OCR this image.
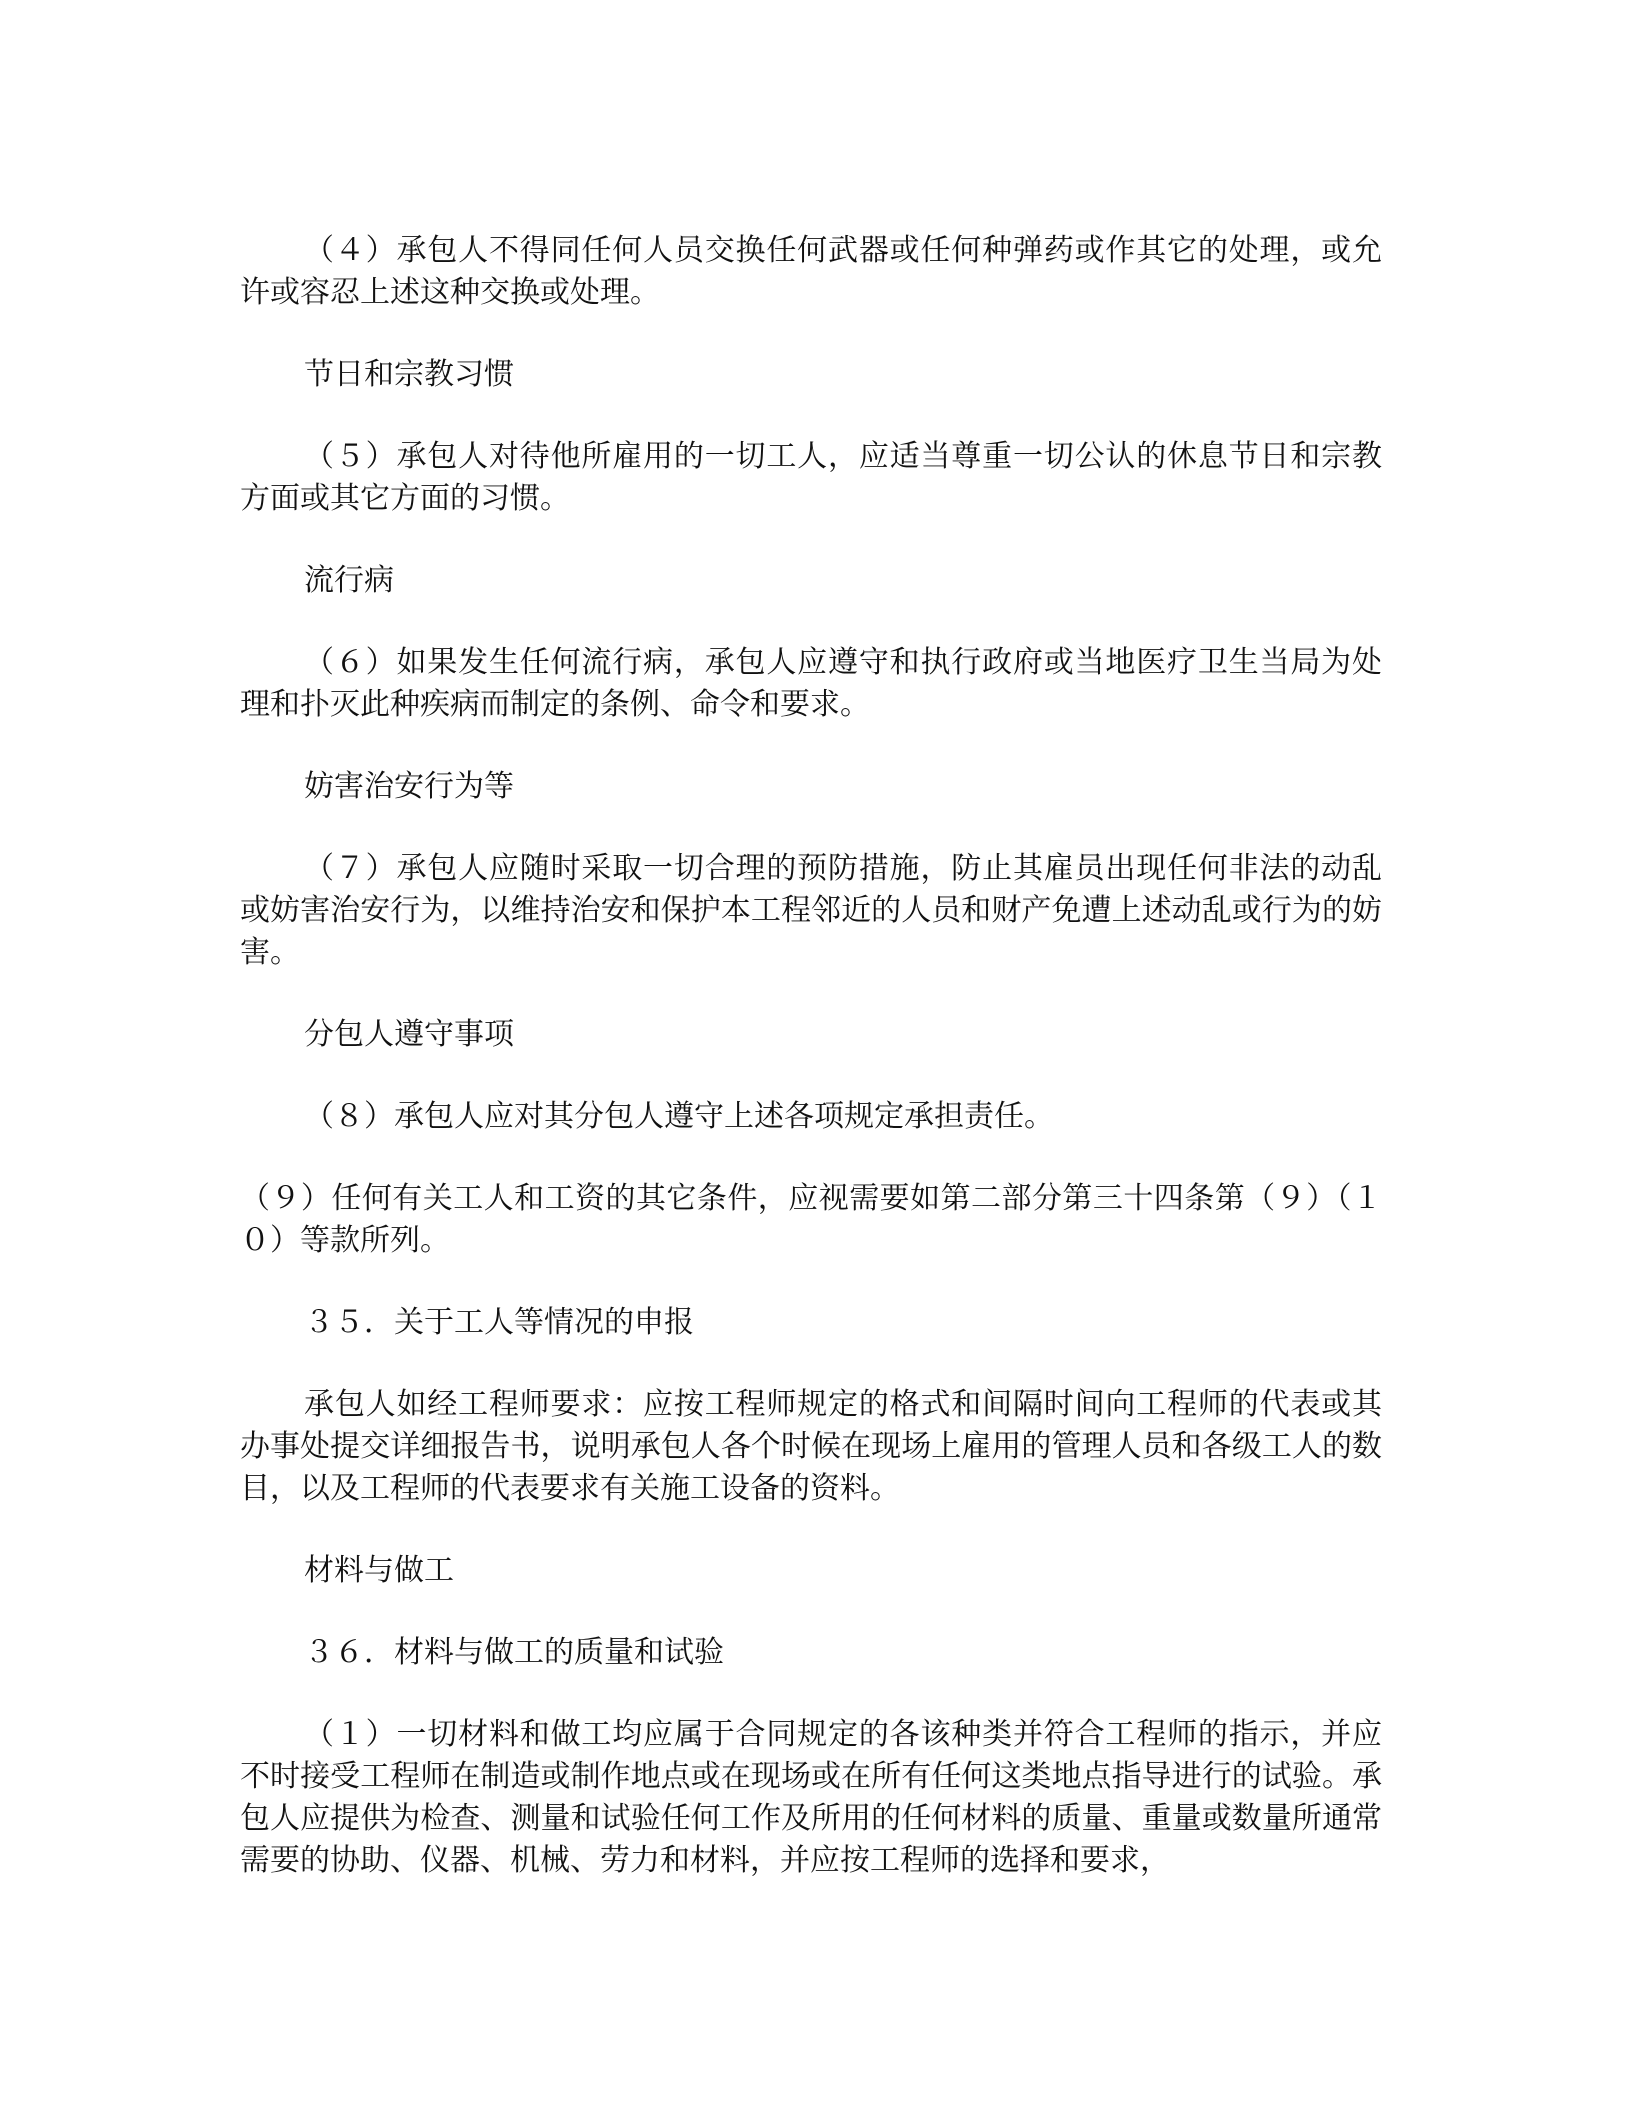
（４）承包人不得同任何人员交换任何武器或任何种弹药或作其它的处理，或允许或容忍上述这种交换或处理。

节日和宗教习惯

（５）承包人对待他所雇用的一切工人，应适当尊重一切公认的休息节日和宗教方面或其它方面的习惯。

流行病

（６）如果发生任何流行病，承包人应遵守和执行政府或当地医疗卫生当局为处理和扑灭此种疾病而制定的条例、命令和要求。

妨害治安行为等

（７）承包人应随时采取一切合理的预防措施，防止其雇员出现任何非法的动乱或妨害治安行为，以维持治安和保护本工程邻近的人员和财产免遭上述动乱或行为的妨害。

分包人遵守事项

（８）承包人应对其分包人遵守上述各项规定承担责任。

（９）任何有关工人和工资的其它条件，应视需要如第二部分第三十四条第（９）（１０）等款所列。

３５．关于工人等情况的申报

承包人如经工程师要求：应按工程师规定的格式和间隔时间向工程师的代表或其办事处提交详细报告书，说明承包人各个时候在现场上雇用的管理人员和各级工人的数目，以及工程师的代表要求有关施工设备的资料。

材料与做工

３６．材料与做工的质量和试验

（１）一切材料和做工均应属于合同规定的各该种类并符合工程师的指示，并应不时接受工程师在制造或制作地点或在现场或在所有任何这类地点指导进行的试验。承包人应提供为检查、测量和试验任何工作及所用的任何材料的质量、重量或数量所通常需要的协助、仪器、机械、劳力和材料，并应按工程师的选择和要求，
